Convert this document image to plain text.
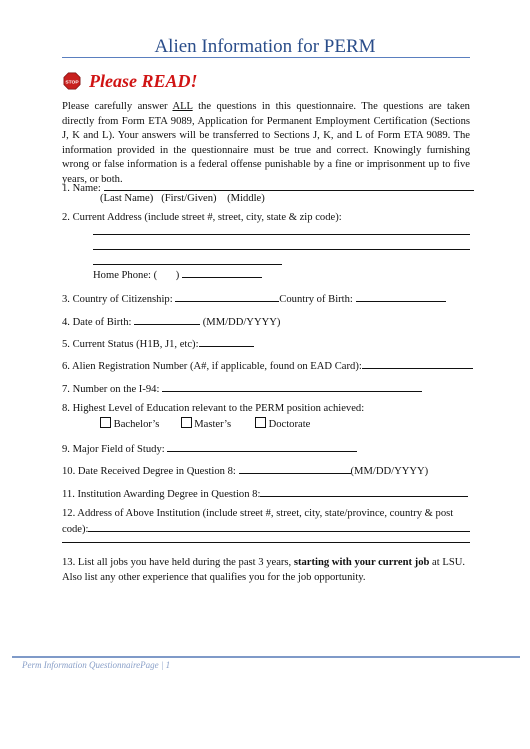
Alien Information for PERM
STOP Please READ!
Please carefully answer ALL the questions in this questionnaire. The questions are taken directly from Form ETA 9089, Application for Permanent Employment Certification (Sections J, K and L). Your answers will be transferred to Sections J, K, and L of Form ETA 9089. The information provided in the questionnaire must be true and correct. Knowingly furnishing wrong or false information is a federal offense punishable by a fine or imprisonment up to five years, or both.
1. Name:
(Last Name) (First/Given) (Middle)
2. Current Address (include street #, street, city, state & zip code):
Home Phone: ( )
3. Country of Citizenship:	Country of Birth:
4. Date of Birth:	(MM/DD/YYYY)
5. Current Status (H1B, J1, etc):
6. Alien Registration Number (A#, if applicable, found on EAD Card):
7. Number on the I-94:
8. Highest Level of Education relevant to the PERM position achieved:
Bachelor’s	Master’s	Doctorate
9. Major Field of Study:
10. Date Received Degree in Question 8:	(MM/DD/YYYY)
11. Institution Awarding Degree in Question 8:
12. Address of Above Institution (include street #, street, city, state/province, country & post
code):
13. List all jobs you have held during the past 3 years, starting with your current job at LSU. Also list any other experience that qualifies you for the job opportunity.
Perm Information QuestionnairePage | 1
